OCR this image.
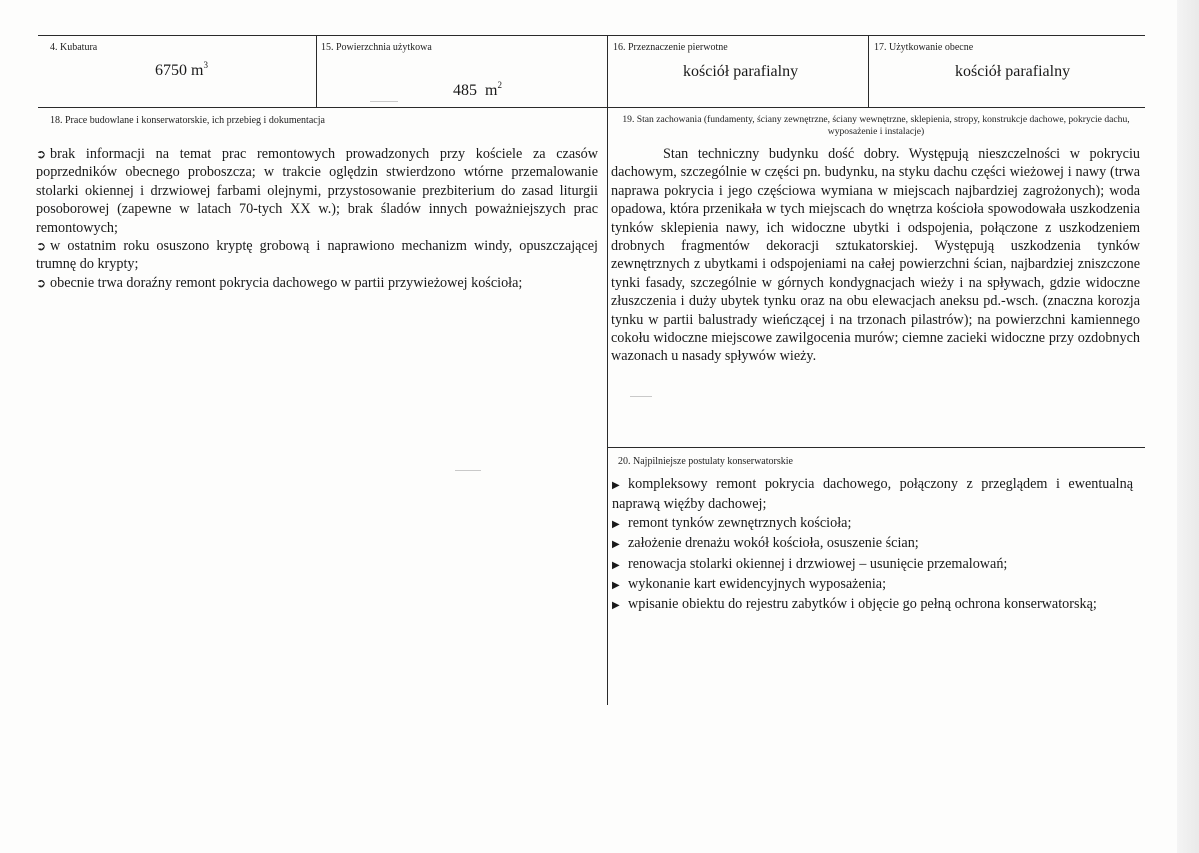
4. Kubatura
6750 $m^3$
15. Powierzchnia użytkowa

485  $m^2$

16. Przeznaczenie pierwotne
kościół parafialny
17. Użytkowanie obecne
kościół parafialny
18. Prace budowlane i konserwatorskie, ich przebieg i dokumentacja
➲ brak informacji na temat prac remontowych prowadzonych przy kościele za czasów poprzedników obecnego proboszcza; w trakcie oględzin stwierdzono wtórne przemalowanie stolarki okiennej i drzwiowej farbami olejnymi, przystosowanie prezbiterium do zasad liturgii posoborowej (zapewne w latach 70-tych XX w.); brak śladów innych poważniejszych prac remontowych;
➲ w ostatnim roku osuszono kryptę grobową i naprawiono mechanizm windy, opuszczającej trumnę do krypty;
➲ obecnie trwa doraźny remont pokrycia dachowego w partii przywieżowej kościoła;
19. Stan zachowania (fundamenty, ściany zewnętrzne, ściany wewnętrzne, sklepienia, stropy, konstrukcje dachowe, pokrycie dachu, wyposażenie i instalacje)
Stan techniczny budynku dość dobry. Występują nieszczelności w pokryciu dachowym, szczególnie w części pn. budynku, na styku dachu części wieżowej i nawy (trwa naprawa pokrycia i jego częściowa wymiana w miejscach najbardziej zagrożonych); woda opadowa, która przenikała w tych miejscach do wnętrza kościoła spowodowała uszkodzenia tynków sklepienia nawy, ich widoczne ubytki i odspojenia, połączone z uszkodzeniem drobnych fragmentów dekoracji sztukatorskiej. Występują uszkodzenia tynków zewnętrznych z ubytkami i odspojeniami na całej powierzchni ścian, najbardziej zniszczone tynki fasady, szczególnie w górnych kondygnacjach wieży i na spływach, gdzie widoczne złuszczenia i duży ubytek tynku oraz na obu elewacjach aneksu pd.-wsch. (znaczna korozja tynku w partii balustrady wieńczącej i na trzonach pilastrów); na powierzchni kamiennego cokołu widoczne miejscowe zawilgocenia murów; ciemne zacieki widoczne przy ozdobnych wazonach u nasady spływów wieży.
20. Najpilniejsze postulaty konserwatorskie
▶ kompleksowy remont pokrycia dachowego, połączony z przeglądem i ewentualną naprawą więźby dachowej;
▶ remont tynków zewnętrznych kościoła;
▶ założenie drenażu wokół kościoła, osuszenie ścian;
▶ renowacja stolarki okiennej i drzwiowej – usunięcie przemalowań;
▶ wykonanie kart ewidencyjnych wyposażenia;
▶ wpisanie obiektu do rejestru zabytków i objęcie go pełną ochrona konserwatorską;
